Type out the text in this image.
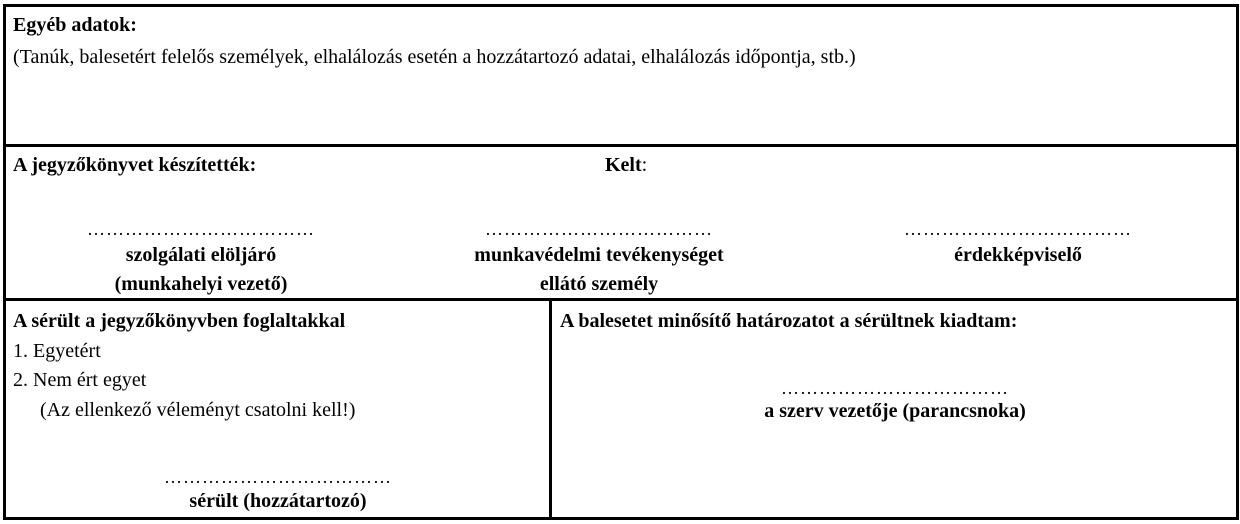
Egyéb adatok:
(Tanúk, balesetért felelős személyek, elhalálozás esetén a hozzátartozó adatai, elhalálozás időpontja, stb.)
A jegyzőkönyvet készítették:	Kelt:
………………………………
szolgálati elöljáró
(munkahelyi vezető)
………………………………
munkavédelmi tevékenységet
ellátó személy
………………………………
érdekképviselő
A sérült a jegyzőkönyvben foglaltakkal
1. Egyetért
2. Nem ért egyet
(Az ellenkező véleményt csatolni kell!)
………………………………
sérült (hozzátartozó)
A balesetet minősítő határozatot a sérültnek kiadtam:
………………………………
a szerv vezetője (parancsnoka)
